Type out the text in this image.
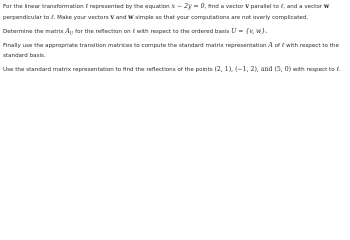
For the linear transformation ℓ represented by the equation x − 2y = 0, find a vector v parallel to ℓ, and a vector w
perpendicular to ℓ. Make your vectors v and w simple so that your computations are not overly complicated.
Determine the matrix $A_U$ for the reflection on ℓ with respect to the ordered basis U = {v, w}.
Finally use the appropriate transition matrices to compute the standard matrix representation A of ℓ with respect to the
standard basis.
Use the standard matrix representation to find the reflections of the points (2, 1), (−1, 2), and (5, 0) with respect to ℓ.
